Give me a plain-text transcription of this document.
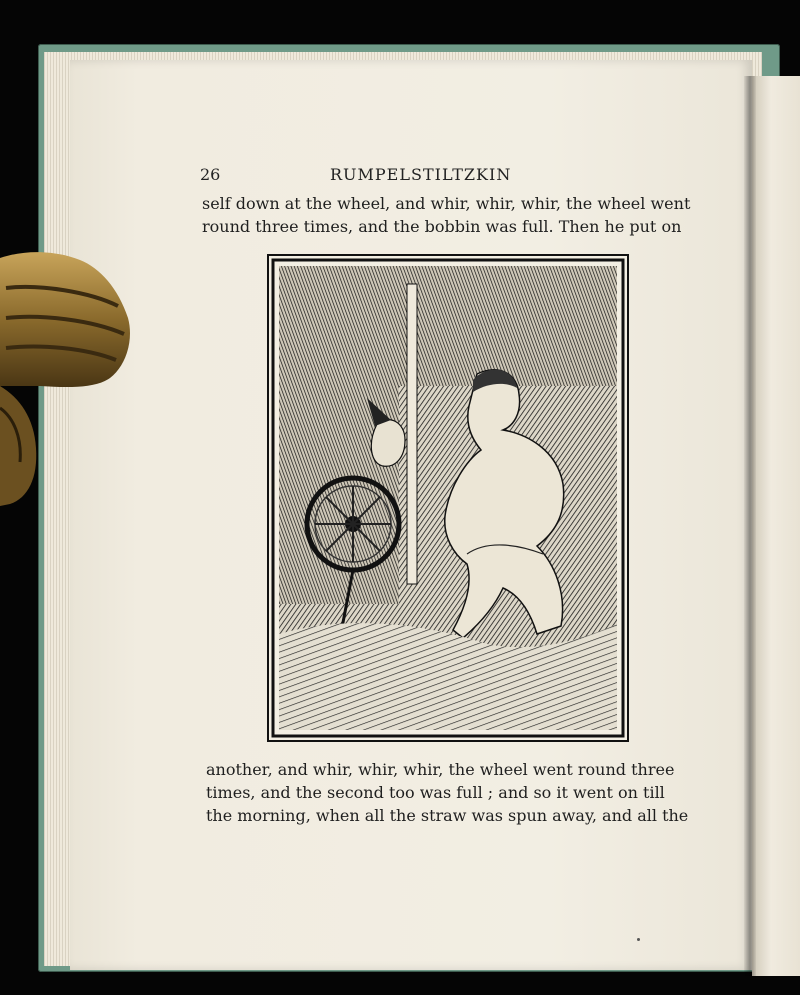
26	RUMPELSTILTZKIN
self down at the wheel, and whir, whir, whir, the wheel went
round three times, and the bobbin was full. Then he put on
another, and whir, whir, whir, the wheel went round three
times, and the second too was full ; and so it went on till
the morning, when all the straw was spun away, and all the
